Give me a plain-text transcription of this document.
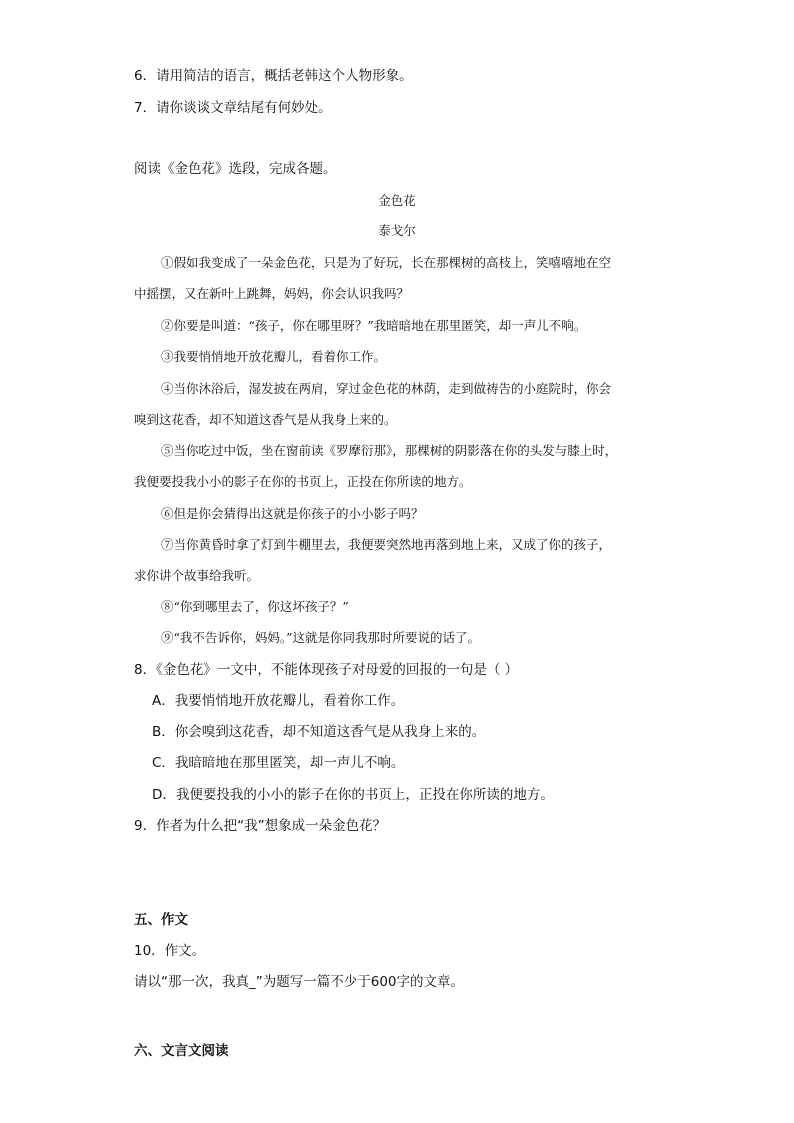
6．请用简洁的语言，概括老韩这个人物形象。
7．请你谈谈文章结尾有何妙处。
阅读《金色花》选段，完成各题。
金色花
泰戈尔
①假如我变成了一朵金色花，只是为了好玩，长在那棵树的高枝上，笑嘻嘻地在空
中摇摆，又在新叶上跳舞，妈妈，你会认识我吗？
②你要是叫道：“孩子，你在哪里呀？”我暗暗地在那里匿笑，却一声儿不响。
③我要悄悄地开放花瓣儿，看着你工作。
④当你沐浴后，湿发披在两肩，穿过金色花的林荫，走到做祷告的小庭院时，你会
嗅到这花香，却不知道这香气是从我身上来的。
⑤当你吃过中饭，坐在窗前读《罗摩衍那》，那棵树的阴影落在你的头发与膝上时，
我便要投我小小的影子在你的书页上，正投在你所读的地方。
⑥但是你会猜得出这就是你孩子的小小影子吗？
⑦当你黄昏时拿了灯到牛棚里去，我便要突然地再落到地上来，又成了你的孩子，
求你讲个故事给我听。
⑧“你到哪里去了，你这坏孩子？”
⑨“我不告诉你，妈妈。”这就是你同我那时所要说的话了。
8．《金色花》一文中，不能体现孩子对母爱的回报的一句是（ ）
A．我要悄悄地开放花瓣儿，看着你工作。
B．你会嗅到这花香，却不知道这香气是从我身上来的。
C．我暗暗地在那里匿笑，却一声儿不响。
D．我便要投我的小小的影子在你的书页上，正投在你所读的地方。
9．作者为什么把“我”想象成一朵金色花？
五、作文
10．作文。
请以“那一次，我真_”为题写一篇不少于600字的文章。
六、文言文阅读
